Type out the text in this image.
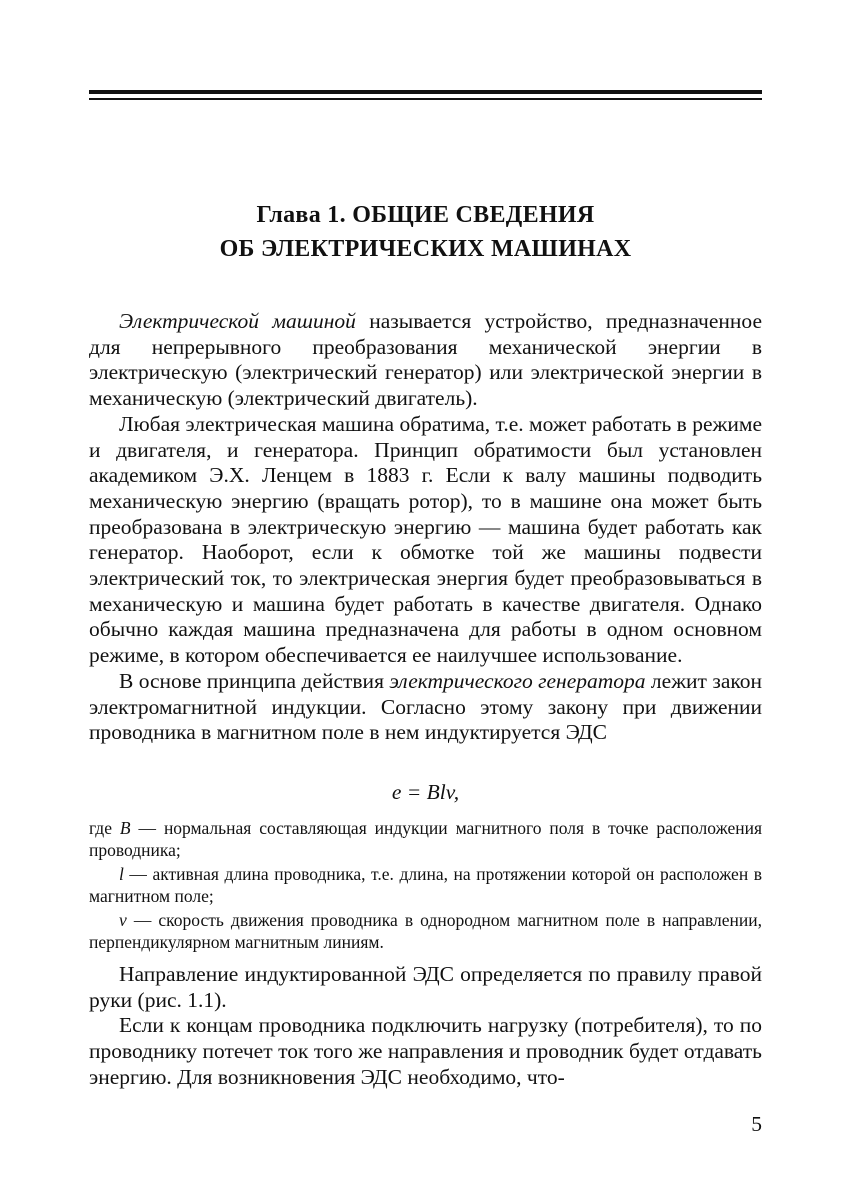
Глава 1. ОБЩИЕ СВЕДЕНИЯ
ОБ ЭЛЕКТРИЧЕСКИХ МАШИНАХ

Электрической машиной называется устройство, предназначенное для непрерывного преобразования механической энергии в электрическую (электрический генератор) или электрической энергии в механическую (электрический двигатель).

Любая электрическая машина обратима, т.е. может работать в режиме и двигателя, и генератора. Принцип обратимости был установлен академиком Э.Х. Ленцем в 1883 г. Если к валу машины подводить механическую энергию (вращать ротор), то в машине она может быть преобразована в электрическую энергию — машина будет работать как генератор. Наоборот, если к обмотке той же машины подвести электрический ток, то электрическая энергия будет преобразовываться в механическую и машина будет работать в качестве двигателя. Однако обычно каждая машина предназначена для работы в одном основном режиме, в котором обеспечивается ее наилучшее использование.

В основе принципа действия электрического генератора лежит закон электромагнитной индукции. Согласно этому закону при движении проводника в магнитном поле в нем индуктируется ЭДС

e = Blv,

где B — нормальная составляющая индукции магнитного поля в точке расположения проводника;

l — активная длина проводника, т.е. длина, на протяжении которой он расположен в магнитном поле;

v — скорость движения проводника в однородном магнитном поле в направлении, перпендикулярном магнитным линиям.

Направление индуктированной ЭДС определяется по правилу правой руки (рис. 1.1).

Если к концам проводника подключить нагрузку (потребителя), то по проводнику потечет ток того же направления и проводник будет отдавать энергию. Для возникновения ЭДС необходимо, что-

5
